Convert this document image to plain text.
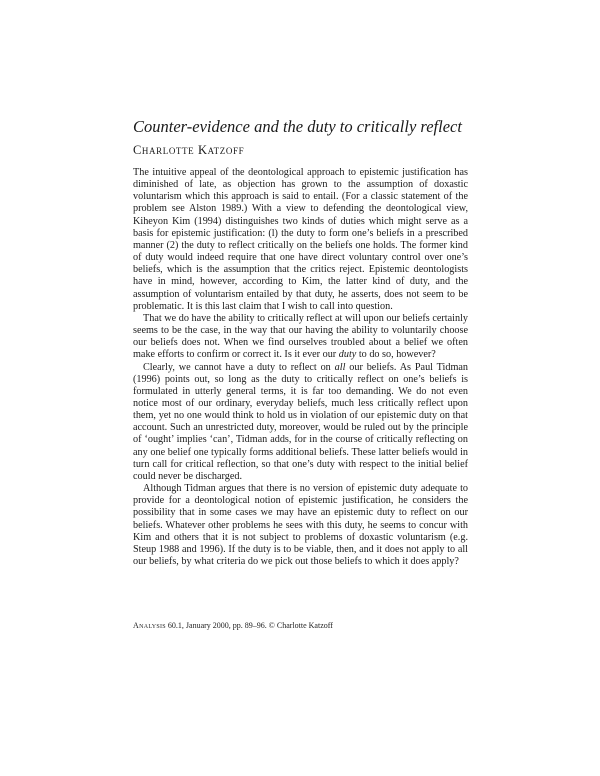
Counter-evidence and the duty to critically reflect
Charlotte Katzoff

The intuitive appeal of the deontological approach to epistemic justification has diminished of late, as objection has grown to the assumption of doxastic voluntarism which this approach is said to entail. (For a classic statement of the problem see Alston 1989.) With a view to defending the deontological view, Kiheyon Kim (1994) distinguishes two kinds of duties which might serve as a basis for epistemic justification: (l) the duty to form one’s beliefs in a prescribed manner (2) the duty to reflect critically on the beliefs one holds. The former kind of duty would indeed require that one have direct voluntary control over one’s beliefs, which is the assumption that the critics reject. Epistemic deontologists have in mind, however, according to Kim, the latter kind of duty, and the assumption of voluntarism entailed by that duty, he asserts, does not seem to be problematic. It is this last claim that I wish to call into question.

That we do have the ability to critically reflect at will upon our beliefs certainly seems to be the case, in the way that our having the ability to voluntarily choose our beliefs does not. When we find ourselves troubled about a belief we often make efforts to confirm or correct it. Is it ever our duty to do so, however?

Clearly, we cannot have a duty to reflect on all our beliefs. As Paul Tidman (1996) points out, so long as the duty to critically reflect on one’s beliefs is formulated in utterly general terms, it is far too demanding. We do not even notice most of our ordinary, everyday beliefs, much less critically reflect upon them, yet no one would think to hold us in violation of our epistemic duty on that account. Such an unrestricted duty, moreover, would be ruled out by the principle of ‘ought’ implies ‘can’, Tidman adds, for in the course of critically reflecting on any one belief one typically forms additional beliefs. These latter beliefs would in turn call for critical reflection, so that one’s duty with respect to the initial belief could never be discharged.

Although Tidman argues that there is no version of epistemic duty adequate to provide for a deontological notion of epistemic justification, he considers the possibility that in some cases we may have an epistemic duty to reflect on our beliefs. Whatever other problems he sees with this duty, he seems to concur with Kim and others that it is not subject to problems of doxastic voluntarism (e.g. Steup 1988 and 1996). If the duty is to be viable, then, and it does not apply to all our beliefs, by what criteria do we pick out those beliefs to which it does apply?

Analysis 60.1, January 2000, pp. 89–96. © Charlotte Katzoff
